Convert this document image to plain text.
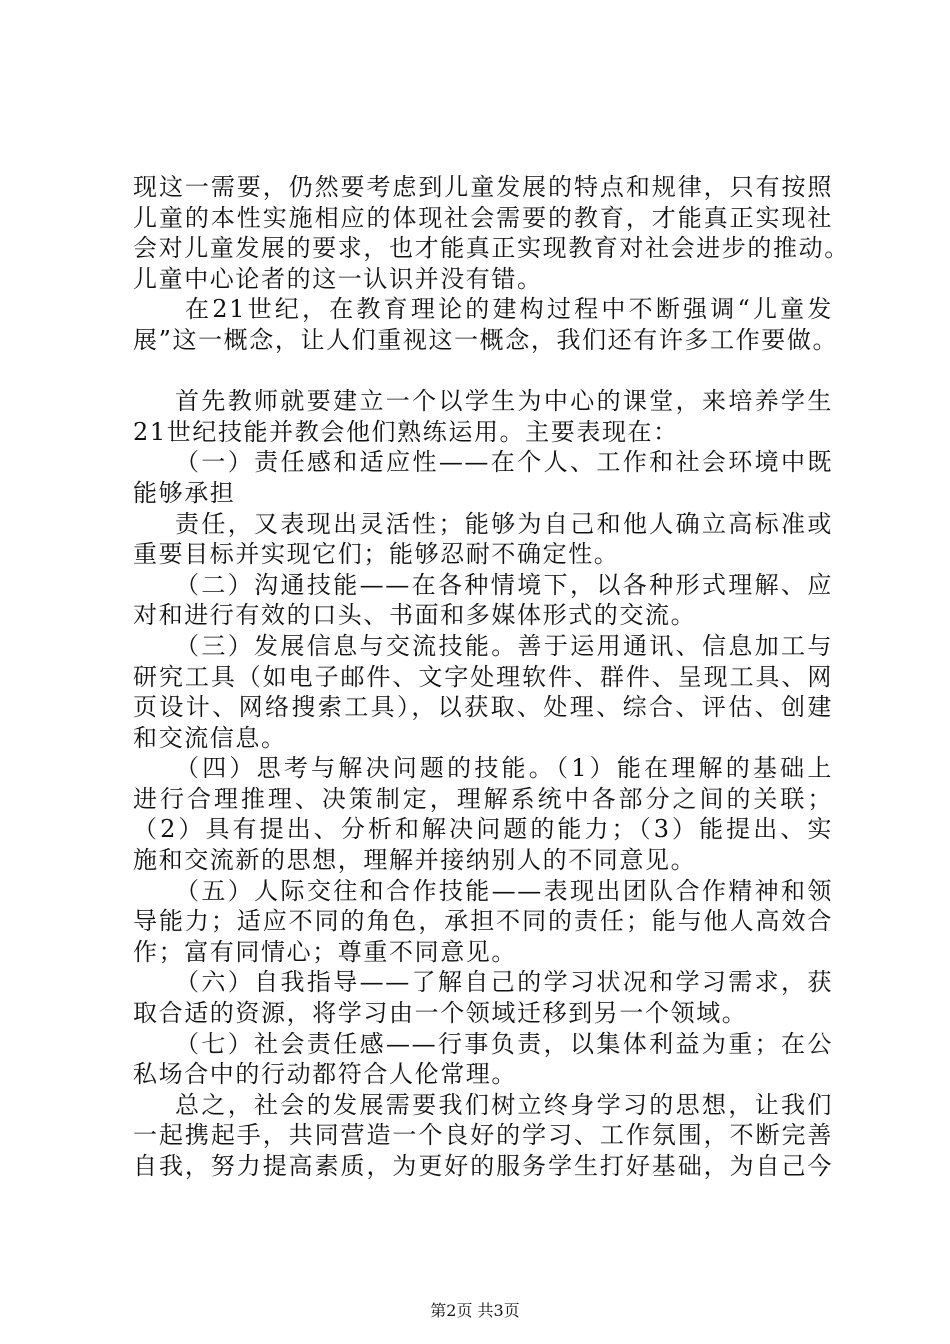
现这一需要，仍然要考虑到儿童发展的特点和规律，只有按照
儿童的本性实施相应的体现社会需要的教育，才能真正实现社
会对儿童发展的要求，也才能真正实现教育对社会进步的推动。
儿童中心论者的这一认识并没有错。
在21世纪，在教育理论的建构过程中不断强调“儿童发
展”这一概念，让人们重视这一概念，我们还有许多工作要做。
首先教师就要建立一个以学生为中心的课堂，来培养学生
21世纪技能并教会他们熟练运用。主要表现在：
（一）责任感和适应性——在个人、工作和社会环境中既
能够承担
责任，又表现出灵活性；能够为自己和他人确立高标准或
重要目标并实现它们；能够忍耐不确定性。
（二）沟通技能——在各种情境下，以各种形式理解、应
对和进行有效的口头、书面和多媒体形式的交流。
（三）发展信息与交流技能。善于运用通讯、信息加工与
研究工具（如电子邮件、文字处理软件、群件、呈现工具、网
页设计、网络搜索工具），以获取、处理、综合、评估、创建
和交流信息。
（四）思考与解决问题的技能。（1）能在理解的基础上
进行合理推理、决策制定，理解系统中各部分之间的关联；
（2）具有提出、分析和解决问题的能力；（3）能提出、实
施和交流新的思想，理解并接纳别人的不同意见。
（五）人际交往和合作技能——表现出团队合作精神和领
导能力；适应不同的角色，承担不同的责任；能与他人高效合
作；富有同情心；尊重不同意见。
（六）自我指导——了解自己的学习状况和学习需求，获
取合适的资源，将学习由一个领域迁移到另一个领域。
（七）社会责任感——行事负责，以集体利益为重；在公
私场合中的行动都符合人伦常理。
总之，社会的发展需要我们树立终身学习的思想，让我们
一起携起手，共同营造一个良好的学习、工作氛围，不断完善
自我，努力提高素质，为更好的服务学生打好基础，为自己今
第2页 共3页
